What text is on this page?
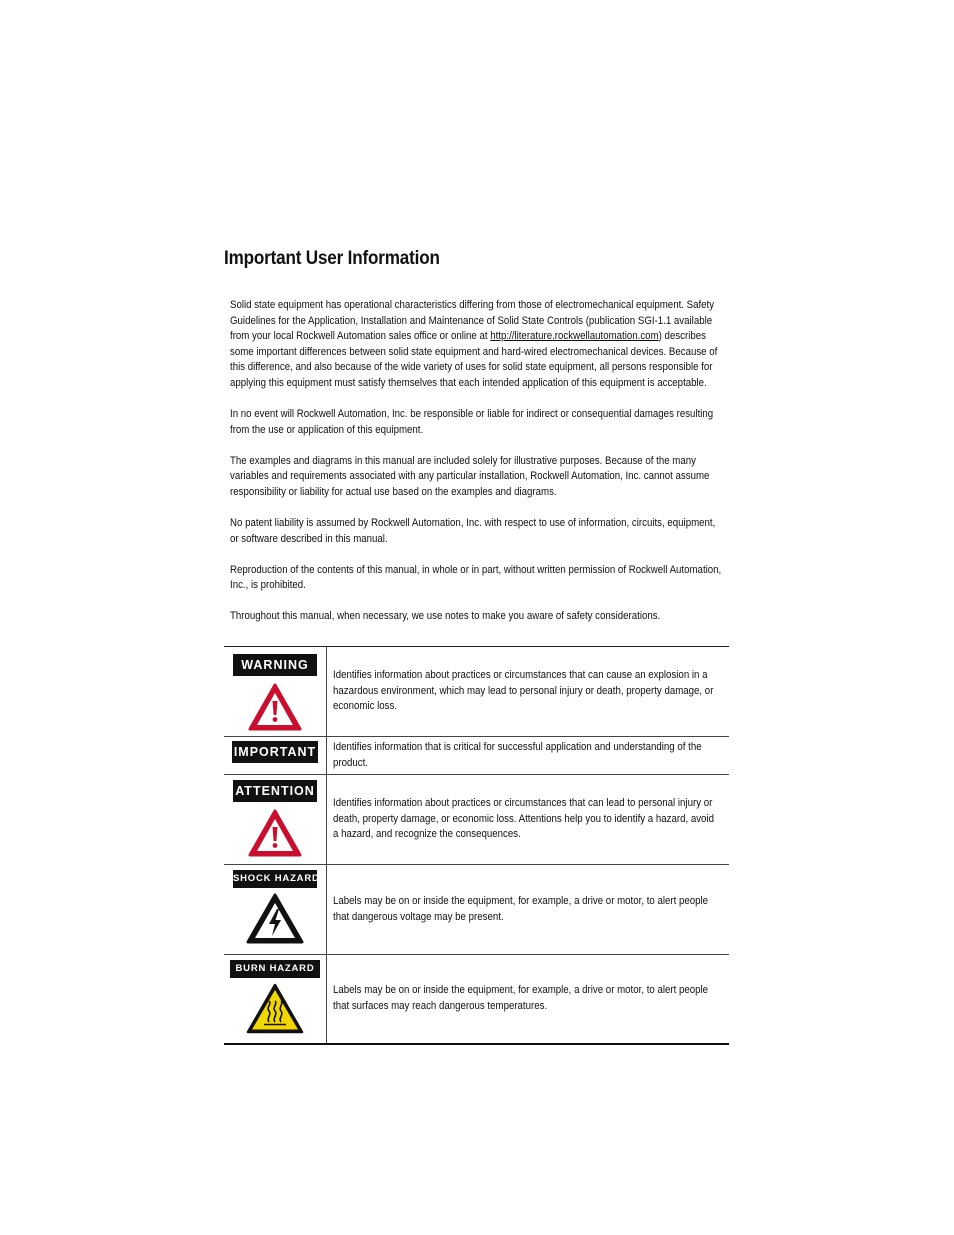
Important User Information

Solid state equipment has operational characteristics differing from those of electromechanical equipment. Safety Guidelines for the Application, Installation and Maintenance of Solid State Controls (publication SGI-1.1 available from your local Rockwell Automation sales office or online at http://literature.rockwellautomation.com) describes some important differences between solid state equipment and hard-wired electromechanical devices. Because of this difference, and also because of the wide variety of uses for solid state equipment, all persons responsible for applying this equipment must satisfy themselves that each intended application of this equipment is acceptable.

In no event will Rockwell Automation, Inc. be responsible or liable for indirect or consequential damages resulting from the use or application of this equipment.

The examples and diagrams in this manual are included solely for illustrative purposes. Because of the many variables and requirements associated with any particular installation, Rockwell Automation, Inc. cannot assume responsibility or liability for actual use based on the examples and diagrams.

No patent liability is assumed by Rockwell Automation, Inc. with respect to use of information, circuits, equipment, or software described in this manual.

Reproduction of the contents of this manual, in whole or in part, without written permission of Rockwell Automation, Inc., is prohibited.

Throughout this manual, when necessary, we use notes to make you aware of safety considerations.

WARNING
Identifies information about practices or circumstances that can cause an explosion in a hazardous environment, which may lead to personal injury or death, property damage, or economic loss.
IMPORTANT Identifies information that is critical for successful application and understanding of the product.
ATTENTION
Identifies information about practices or circumstances that can lead to personal injury or death, property damage, or economic loss. Attentions help you to identify a hazard, avoid a hazard, and recognize the consequences.
SHOCK HAZARD
Labels may be on or inside the equipment, for example, a drive or motor, to alert people that dangerous voltage may be present.
BURN HAZARD
Labels may be on or inside the equipment, for example, a drive or motor, to alert people that surfaces may reach dangerous temperatures.
